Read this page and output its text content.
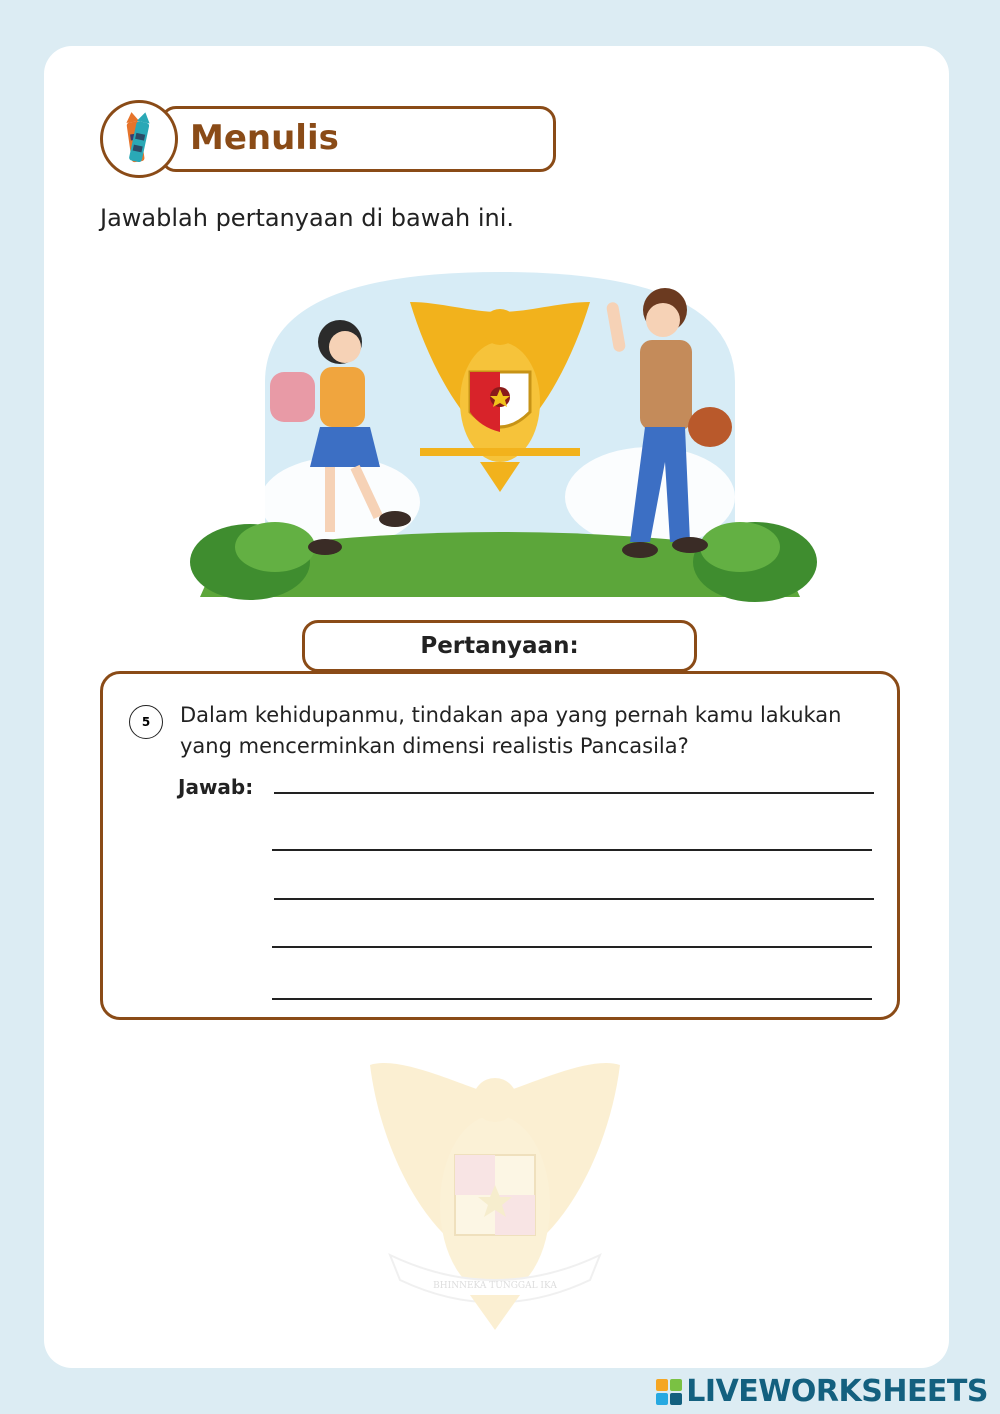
Menulis
Jawablah pertanyaan di bawah ini.
Pertanyaan:
5	Dalam kehidupanmu, tindakan apa yang pernah kamu lakukan yang mencerminkan dimensi realistis Pancasila?
Jawab:
BHINNEKA TUNGGAL IKA
LIVEWORKSHEETS
